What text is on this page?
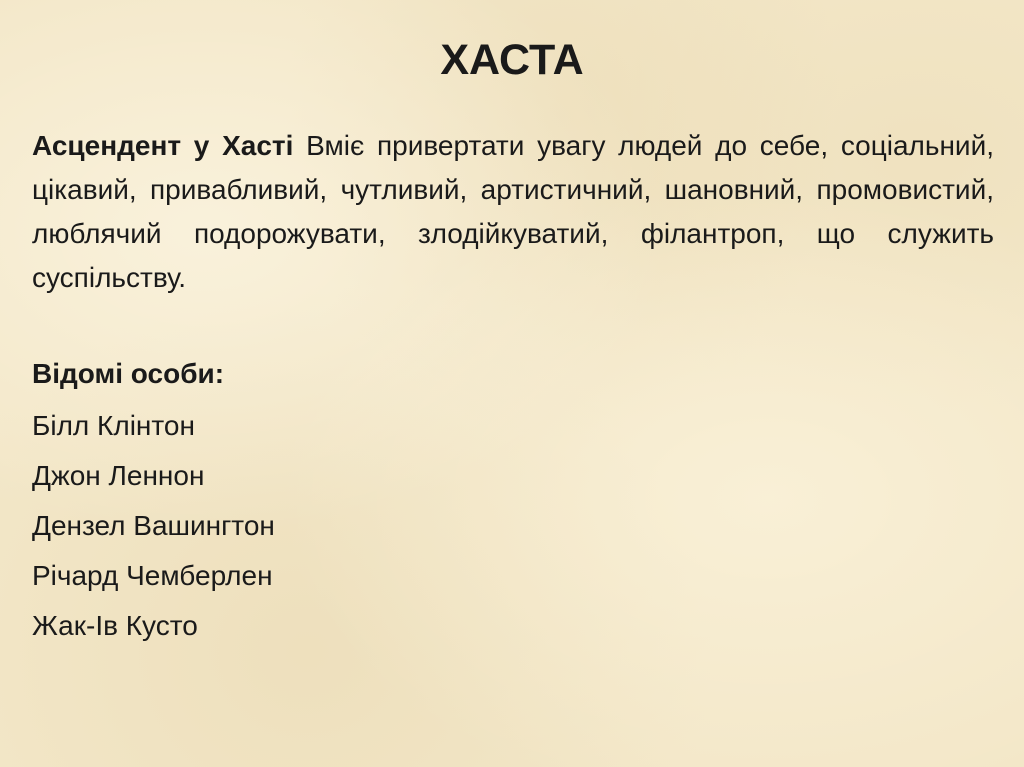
ХАСТА

Асцендент у Хасті Вміє привертати увагу людей до себе, соціальний, цікавий, привабливий, чутливий, артистичний, шановний, промовистий, люблячий подорожувати, злодійкуватий, філантроп, що служить суспільству.

Відомі особи:

Білл Клінтон
Джон Леннон
Дензел Вашингтон
Річард Чемберлен
Жак-Ів Кусто
